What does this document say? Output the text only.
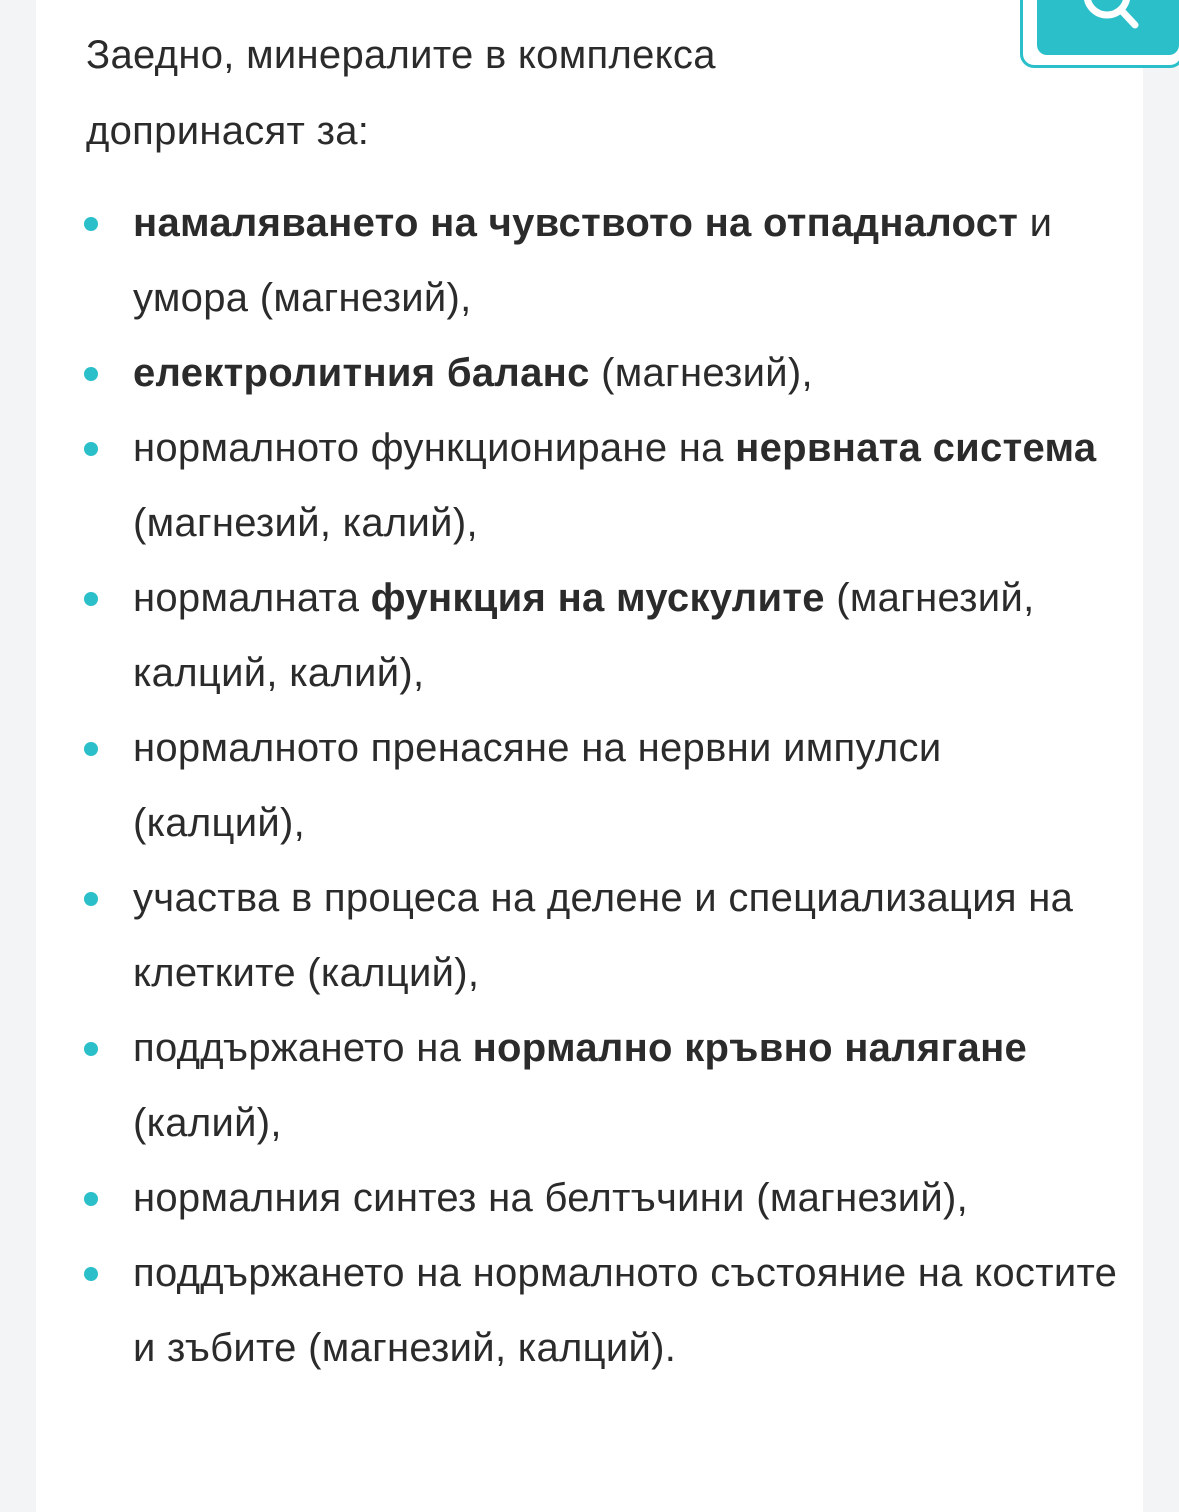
Заедно, минералите в комплекса
допринасят за:

намаляването на чувството на отпадналост и умора (магнезий),
електролитния баланс (магнезий),
нормалното функциониране на нервната система (магнезий, калий),
нормалната функция на мускулите (магнезий, калций, калий),
нормалното пренасяне на нервни импулси (калций),
участва в процеса на делене и специализация на клетките (калций),
поддържането на нормално кръвно налягане (калий),
нормалния синтез на белтъчини (магнезий),
поддържането на нормалното състояние на костите и зъбите (магнезий, калций).
